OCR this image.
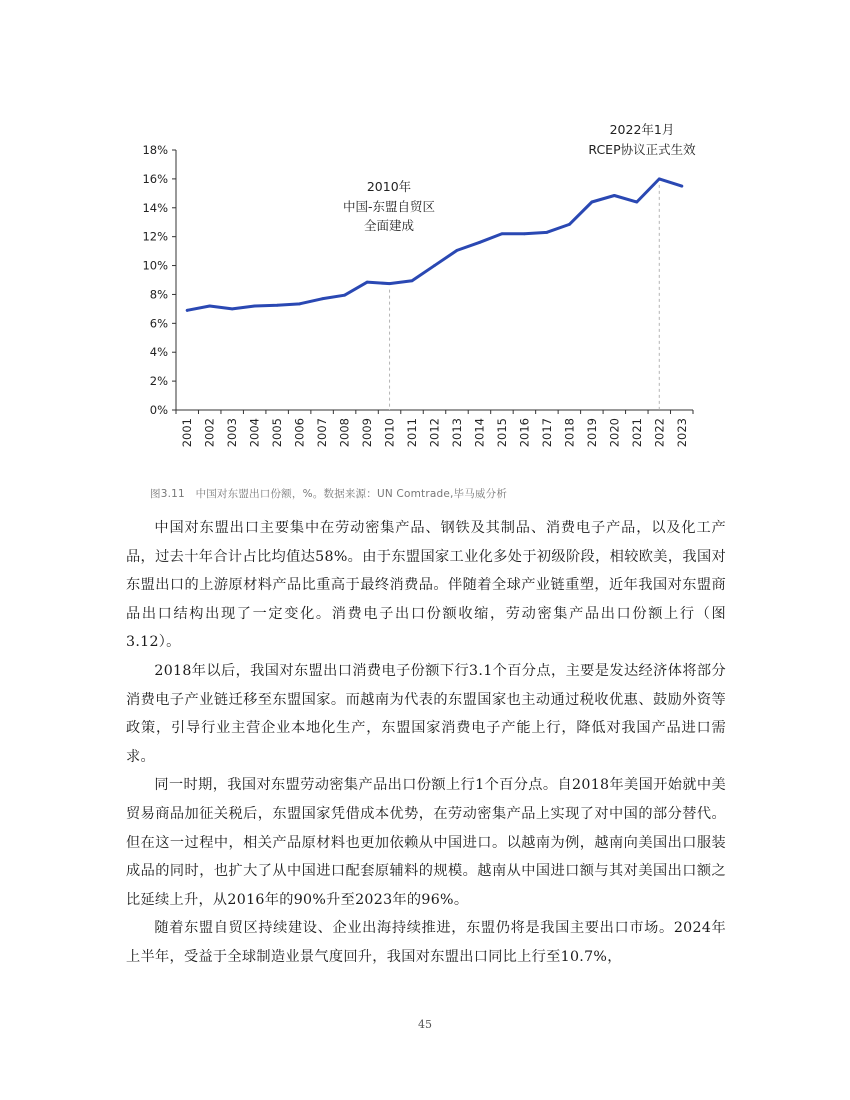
0%
2%
4%
6%
8%
10%
12%
14%
16%
18%
2001 2002 2003 2004 2005 2006 2007 2008 2009 2010 2011 2012 2013 2014 2015 2016 2017 2018 2019 2020 2021 2022 2023
2010年
中国-东盟自贸区
全面建成
2022年1月
RCEP协议正式生效
图3.11　中国对东盟出口份额，%。数据来源：UN Comtrade,毕马威分析

中国对东盟出口主要集中在劳动密集产品、钢铁及其制品、消费电子产品，以及化工产品，过去十年合计占比均值达58%。由于东盟国家工业化多处于初级阶段，相较欧美，我国对东盟出口的上游原材料产品比重高于最终消费品。伴随着全球产业链重塑，近年我国对东盟商品出口结构出现了一定变化。消费电子出口份额收缩，劳动密集产品出口份额上行（图3.12）。

2018年以后，我国对东盟出口消费电子份额下行3.1个百分点，主要是发达经济体将部分消费电子产业链迁移至东盟国家。而越南为代表的东盟国家也主动通过税收优惠、鼓励外资等政策，引导行业主营企业本地化生产，东盟国家消费电子产能上行，降低对我国产品进口需求。

同一时期，我国对东盟劳动密集产品出口份额上行1个百分点。自2018年美国开始就中美贸易商品加征关税后，东盟国家凭借成本优势，在劳动密集产品上实现了对中国的部分替代。但在这一过程中，相关产品原材料也更加依赖从中国进口。以越南为例，越南向美国出口服装成品的同时，也扩大了从中国进口配套原辅料的规模。越南从中国进口额与其对美国出口额之比延续上升，从2016年的90%升至2023年的96%。

随着东盟自贸区持续建设、企业出海持续推进，东盟仍将是我国主要出口市场。2024年上半年，受益于全球制造业景气度回升，我国对东盟出口同比上行至10.7%，

45
